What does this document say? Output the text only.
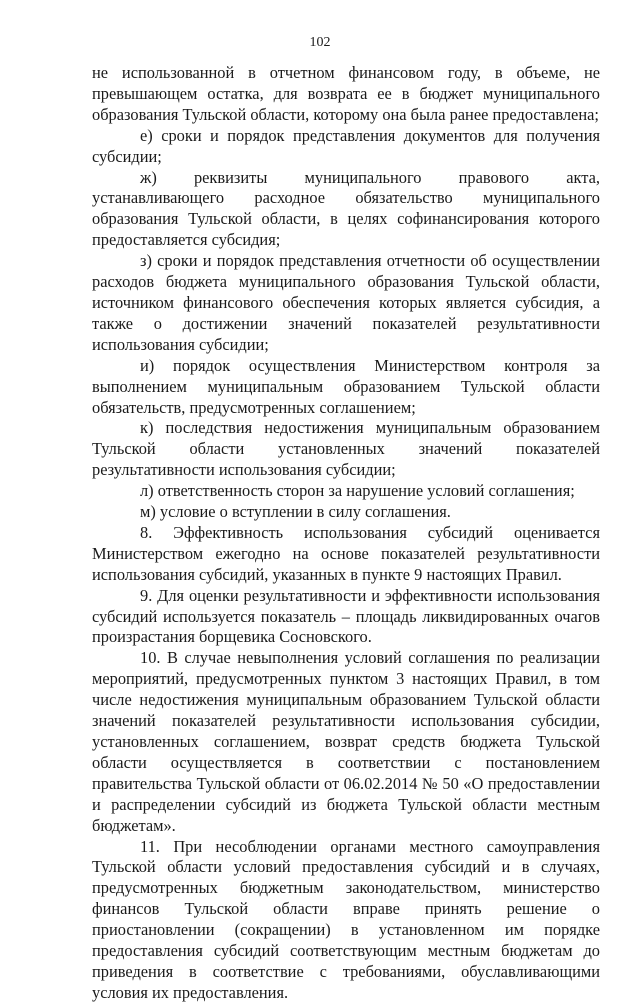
102

не использованной в отчетном финансовом году, в объеме, не превышающем остатка, для возврата ее в бюджет муниципального образования Тульской области, которому она была ранее предоставлена;

е) сроки и порядок представления документов для получения субсидии;

ж) реквизиты муниципального правового акта, устанавливающего расходное обязательство муниципального образования Тульской области, в целях софинансирования которого предоставляется субсидия;

з) сроки и порядок представления отчетности об осуществлении расходов бюджета муниципального образования Тульской области, источником финансового обеспечения которых является субсидия, а также о достижении значений показателей результативности использования субсидии;

и) порядок осуществления Министерством контроля за выполнением муниципальным образованием Тульской области обязательств, предусмотренных соглашением;

к) последствия недостижения муниципальным образованием Тульской области установленных значений показателей результативности использования субсидии;

л) ответственность сторон за нарушение условий соглашения;

м) условие о вступлении в силу соглашения.

8. Эффективность использования субсидий оценивается Министерством ежегодно на основе показателей результативности использования субсидий, указанных в пункте 9 настоящих Правил.

9. Для оценки результативности и эффективности использования субсидий используется показатель – площадь ликвидированных очагов произрастания борщевика Сосновского.

10. В случае невыполнения условий соглашения по реализации мероприятий, предусмотренных пунктом 3 настоящих Правил, в том числе недостижения муниципальным образованием Тульской области значений показателей результативности использования субсидии, установленных соглашением, возврат средств бюджета Тульской области осуществляется в соответствии с постановлением правительства Тульской области от 06.02.2014 № 50 «О предоставлении и распределении субсидий из бюджета Тульской области местным бюджетам».

11. При несоблюдении органами местного самоуправления Тульской области условий предоставления субсидий и в случаях, предусмотренных бюджетным законодательством, министерство финансов Тульской области вправе принять решение о приостановлении (сокращении) в установленном им порядке предоставления субсидий соответствующим местным бюджетам до приведения в соответствие с требованиями, обуславливающими условия их предоставления.
